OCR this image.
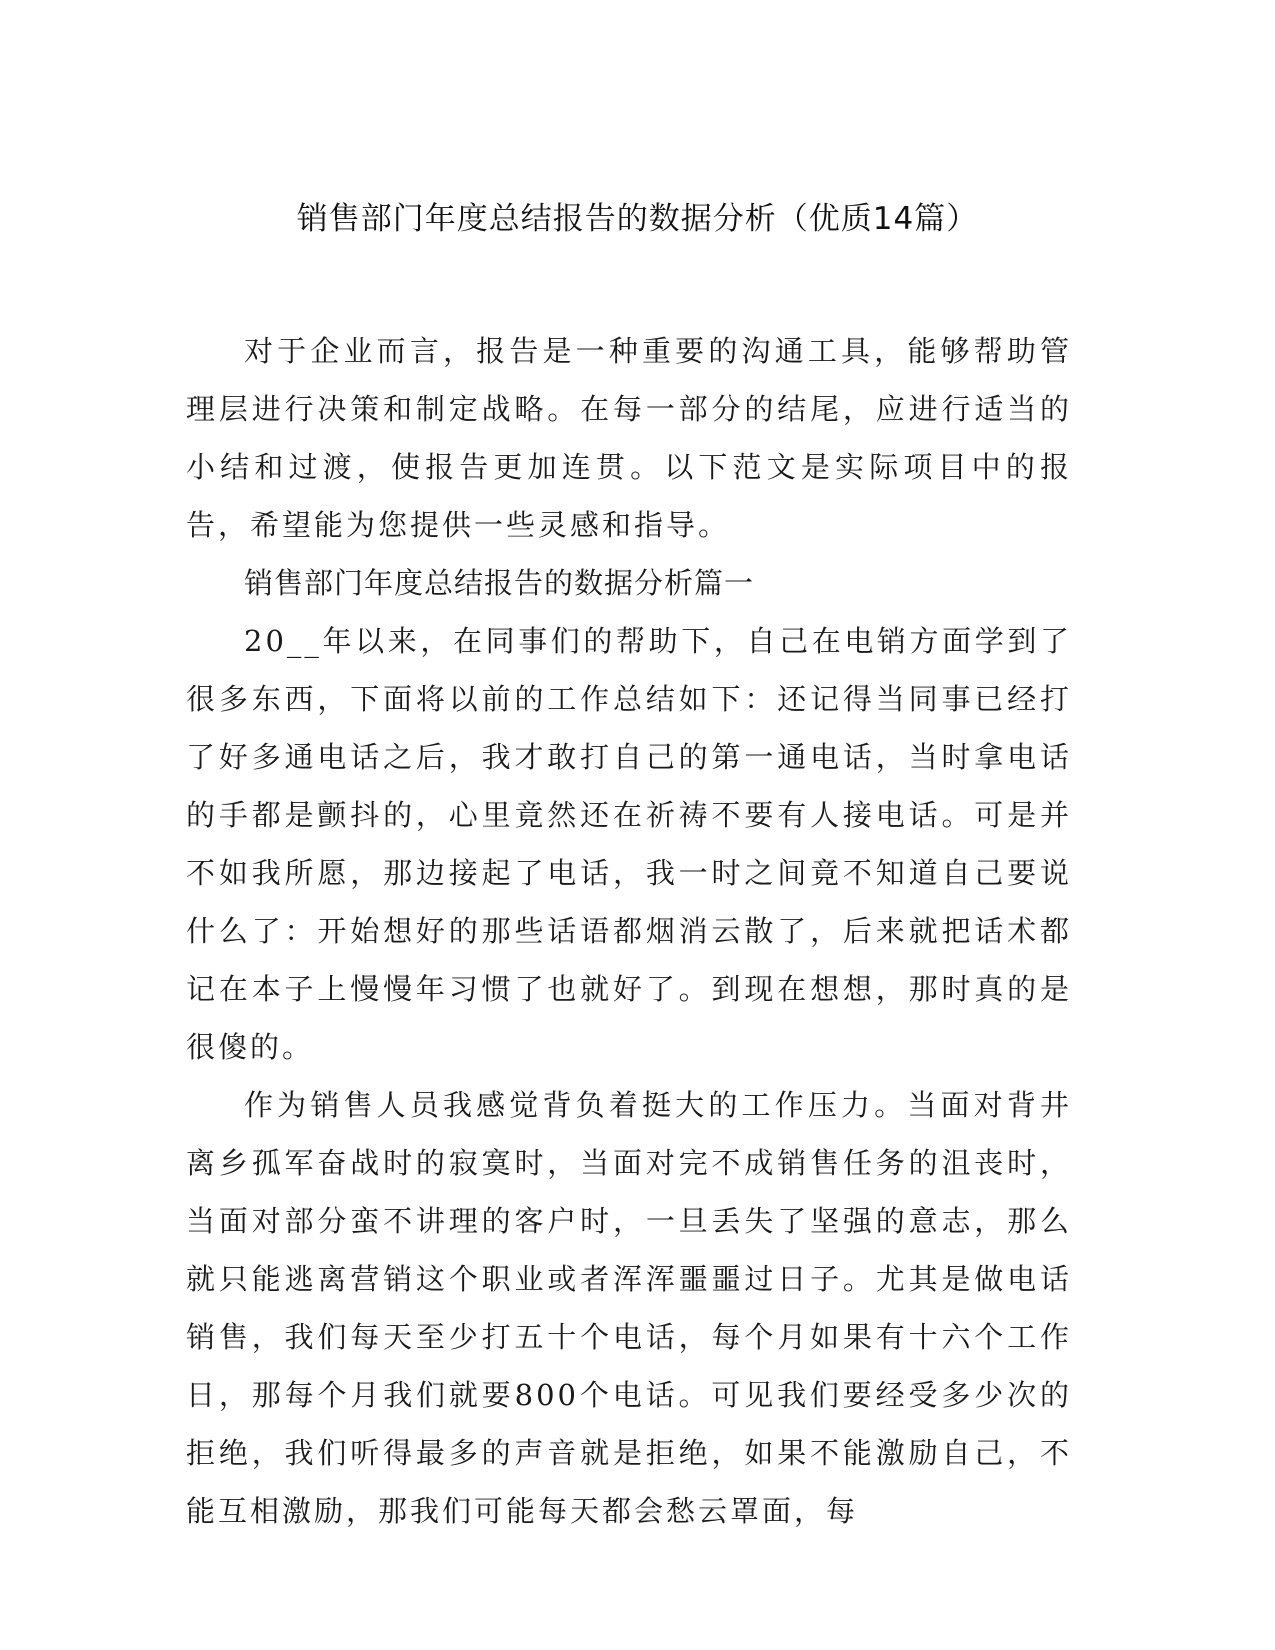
销售部门年度总结报告的数据分析（优质14篇）

对于企业而言，报告是一种重要的沟通工具，能够帮助管理层进行决策和制定战略。在每一部分的结尾，应进行适当的小结和过渡，使报告更加连贯。以下范文是实际项目中的报告，希望能为您提供一些灵感和指导。

销售部门年度总结报告的数据分析篇一

20__年以来，在同事们的帮助下，自己在电销方面学到了很多东西，下面将以前的工作总结如下：还记得当同事已经打了好多通电话之后，我才敢打自己的第一通电话，当时拿电话的手都是颤抖的，心里竟然还在祈祷不要有人接电话。可是并不如我所愿，那边接起了电话，我一时之间竟不知道自己要说什么了：开始想好的那些话语都烟消云散了，后来就把话术都记在本子上慢慢年习惯了也就好了。到现在想想，那时真的是很傻的。

作为销售人员我感觉背负着挺大的工作压力。当面对背井离乡孤军奋战时的寂寞时，当面对完不成销售任务的沮丧时，当面对部分蛮不讲理的客户时，一旦丢失了坚强的意志，那么就只能逃离营销这个职业或者浑浑噩噩过日子。尤其是做电话销售，我们每天至少打五十个电话，每个月如果有十六个工作日，那每个月我们就要800个电话。可见我们要经受多少次的拒绝，我们听得最多的声音就是拒绝，如果不能激励自己，不能互相激励，那我们可能每天都会愁云罩面，每
